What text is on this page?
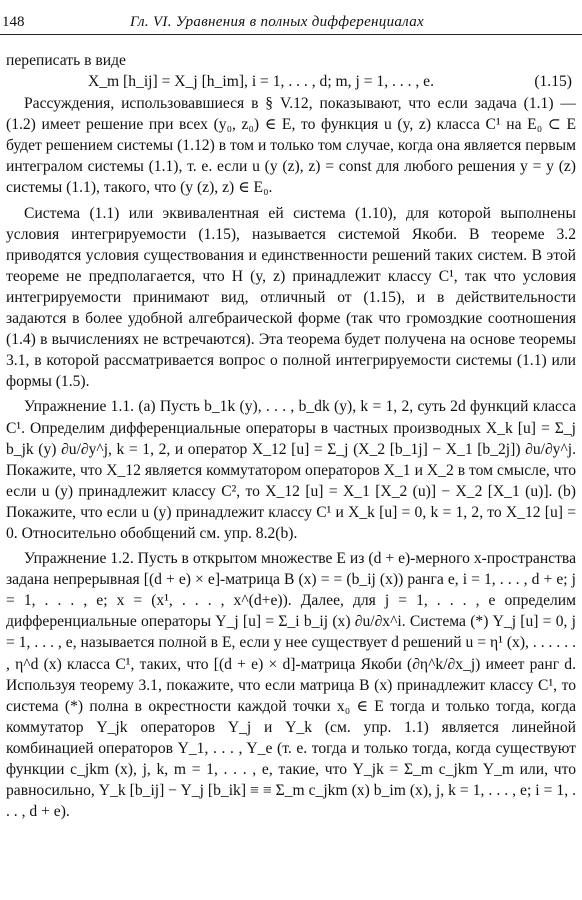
148	Гл. VI. Уравнения в полных дифференциалах

переписать в виде

X_m [h_ij] = X_j [h_im], i = 1, . . . , d; m, j = 1, . . . , e.	(1.15)

Рассуждения, использовавшиеся в § V.12, показывают, что если задача (1.1) — (1.2) имеет решение при всех (y₀, z₀) ∈ E, то функция u (y, z) класса C¹ на E₀ ⊂ E будет решением системы (1.12) в том и только том случае, когда она является первым интегралом системы (1.1), т. е. если u (y (z), z) = const для любого решения y = y (z) системы (1.1), такого, что (y (z), z) ∈ E₀.

Система (1.1) или эквивалентная ей система (1.10), для которой выполнены условия интегрируемости (1.15), называется системой Якоби. В теореме 3.2 приводятся условия существования и единственности решений таких систем. В этой теореме не предполагается, что H (y, z) принадлежит классу C¹, так что условия интегрируемости принимают вид, отличный от (1.15), и в действительности задаются в более удобной алгебраической форме (так что громоздкие соотношения (1.4) в вычислениях не встречаются). Эта теорема будет получена на основе теоремы 3.1, в которой рассматривается вопрос о полной интегрируемости системы (1.1) или формы (1.5).

Упражнение 1.1. (a) Пусть b_1k (y), . . . , b_dk (y), k = 1, 2, суть 2d функций класса C¹. Определим дифференциальные операторы в частных производных X_k [u] = Σ_j b_jk (y) ∂u/∂y^j, k = 1, 2, и оператор X_12 [u] = Σ_j (X_2 [b_1j] − X_1 [b_2j]) ∂u/∂y^j. Покажите, что X_12 является коммутатором операторов X_1 и X_2 в том смысле, что если u (y) принадлежит классу C², то X_12 [u] = X_1 [X_2 (u)] − X_2 [X_1 (u)]. (b) Покажите, что если u (y) принадлежит классу C¹ и X_k [u] = 0, k = 1, 2, то X_12 [u] = 0. Относительно обобщений см. упр. 8.2(b).

Упражнение 1.2. Пусть в открытом множестве E из (d + e)-мерного x-пространства задана непрерывная [(d + e) × e]-матрица B (x) = = (b_ij (x)) ранга e, i = 1, . . . , d + e; j = 1, . . . , e; x = (x¹, . . . , x^(d+e)). Далее, для j = 1, . . . , e определим дифференциальные операторы Y_j [u] = Σ_i b_ij (x) ∂u/∂x^i. Система (*) Y_j [u] = 0, j = 1, . . . , e, называется полной в E, если у нее существует d решений u = η¹ (x), . . . . . . , η^d (x) класса C¹, таких, что [(d + e) × d]-матрица Якоби (∂η^k/∂x_j) имеет ранг d. Используя теорему 3.1, покажите, что если матрица B (x) принадлежит классу C¹, то система (*) полна в окрестности каждой точки x₀ ∈ E тогда и только тогда, когда коммутатор Y_jk операторов Y_j и Y_k (см. упр. 1.1) является линейной комбинацией операторов Y_1, . . . , Y_e (т. е. тогда и только тогда, когда существуют функции c_jkm (x), j, k, m = 1, . . . , e, такие, что Y_jk = Σ_m c_jkm Y_m или, что равносильно, Y_k [b_ij] − Y_j [b_ik] ≡ ≡ Σ_m c_jkm (x) b_im (x), j, k = 1, . . . , e; i = 1, . . . , d + e).
